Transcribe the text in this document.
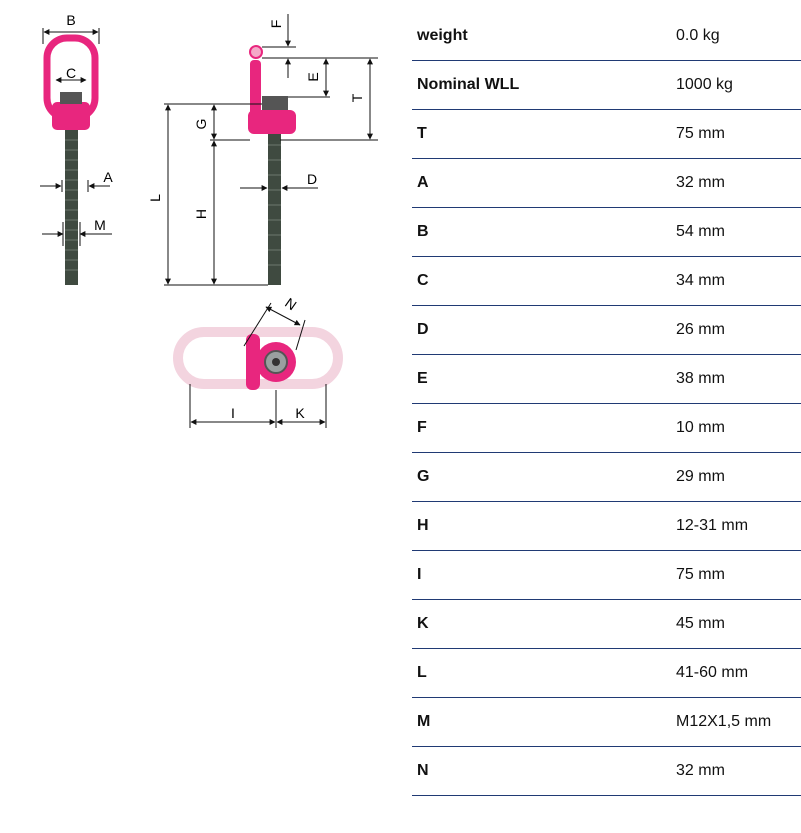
B
C
A
M
L
H
G
T
E
F
D
I	K
N
weight	0.0 kg
Nominal WLL	1000 kg
T	75 mm
A	32 mm
B	54 mm
C	34 mm
D	26 mm
E	38 mm
F	10 mm
G	29 mm
H	12-31 mm
I	75 mm
K	45 mm
L	41-60 mm
M	M12X1,5 mm
N	32 mm
